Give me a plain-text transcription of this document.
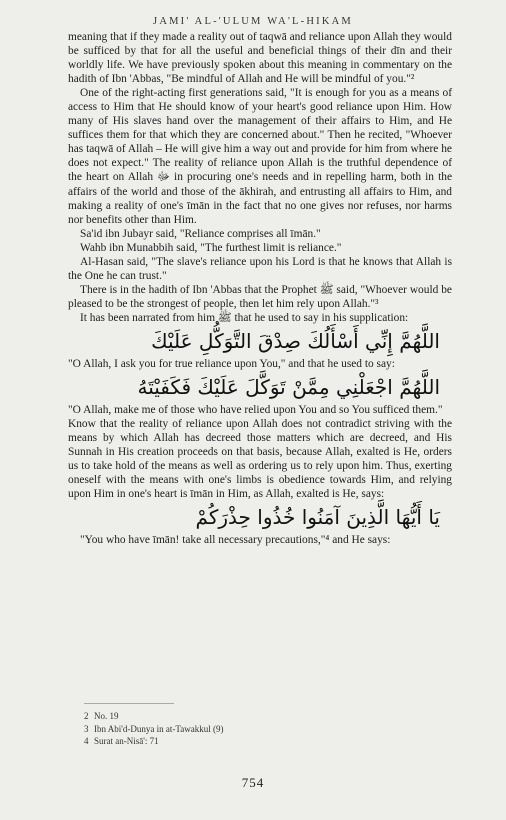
JAMI' AL-'ULUM WA'L-HIKAM

meaning that if they made a reality out of taqwā and reliance upon Allah they would be sufficed by that for all the useful and beneficial things of their dīn and their worldly life. We have previously spoken about this meaning in commentary on the hadith of Ibn 'Abbas, "Be mindful of Allah and He will be mindful of you."²

One of the right-acting first generations said, "It is enough for you as a means of access to Him that He should know of your heart's good reliance upon Him. How many of His slaves hand over the management of their affairs to Him, and He suffices them for that which they are concerned about." Then he recited, "Whoever has taqwā of Allah – He will give him a way out and provide for him from where he does not expect." The reality of reliance upon Allah is the truthful dependence of the heart on Allah ﷻ in procuring one's needs and in repelling harm, both in the affairs of the world and those of the ākhirah, and entrusting all affairs to Him, and making a reality of one's īmān in the fact that no one gives nor refuses, nor harms nor benefits other than Him.

Sa'id ibn Jubayr said, "Reliance comprises all īmān."

Wahb ibn Munabbih said, "The furthest limit is reliance."

Al-Hasan said, "The slave's reliance upon his Lord is that he knows that Allah is the One he can trust."

There is in the hadith of Ibn 'Abbas that the Prophet ﷺ said, "Whoever would be pleased to be the strongest of people, then let him rely upon Allah."³

It has been narrated from him ﷺ that he used to say in his supplication:

اللَّهُمَّ إِنِّي أَسْأَلُكَ صِدْقَ التَّوَكُّلِ عَلَيْكَ

"O Allah, I ask you for true reliance upon You," and that he used to say:

اللَّهُمَّ اجْعَلْنِي مِمَّنْ تَوَكَّلَ عَلَيْكَ فَكَفَيْتَهُ

"O Allah, make me of those who have relied upon You and so You sufficed them."

Know that the reality of reliance upon Allah does not contradict striving with the means by which Allah has decreed those matters which are decreed, and His Sunnah in His creation proceeds on that basis, because Allah, exalted is He, orders us to take hold of the means as well as ordering us to rely upon him. Thus, exerting oneself with the means with one's limbs is obedience towards Him, and relying upon Him in one's heart is īmān in Him, as Allah, exalted is He, says:

يَا أَيُّهَا الَّذِينَ آمَنُوا خُذُوا حِذْرَكُمْ

"You who have īmān! take all necessary precautions,"⁴ and He says:

2 No. 19
3 Ibn Abi'd-Dunya in at-Tawakkul (9)
4 Surat an-Nisā': 71
754
